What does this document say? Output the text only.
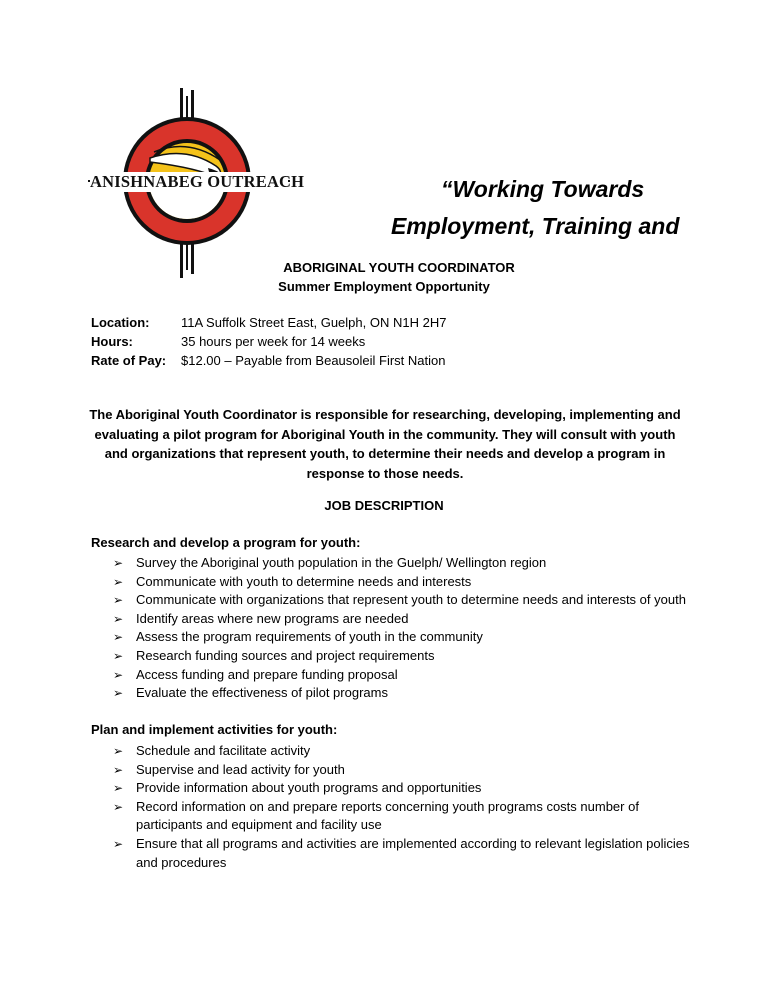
ANISHNABEG OUTREACH	“Working Towards
Employment, Training and
ABORIGINAL YOUTH COORDINATOR
Summer Employment Opportunity
Location:	11A Suffolk Street East, Guelph, ON N1H 2H7
Hours:	35 hours per week for 14 weeks
Rate of Pay:	$12.00 – Payable from Beausoleil First Nation
The Aboriginal Youth Coordinator is responsible for researching, developing, implementing and evaluating a pilot program for Aboriginal Youth in the community. They will consult with youth and organizations that represent youth, to determine their needs and develop a program in response to those needs.
JOB DESCRIPTION
Research and develop a program for youth:
➢ Survey the Aboriginal youth population in the Guelph/ Wellington region
➢ Communicate with youth to determine needs and interests
➢ Communicate with organizations that represent youth to determine needs and interests of youth
➢ Identify areas where new programs are needed
➢ Assess the program requirements of youth in the community
➢ Research funding sources and project requirements
➢ Access funding and prepare funding proposal
➢ Evaluate the effectiveness of pilot programs
Plan and implement activities for youth:
➢ Schedule and facilitate activity
➢ Supervise and lead activity for youth
➢ Provide information about youth programs and opportunities
➢ Record information on and prepare reports concerning youth programs costs number of participants and equipment and facility use
➢ Ensure that all programs and activities are implemented according to relevant legislation policies and procedures
